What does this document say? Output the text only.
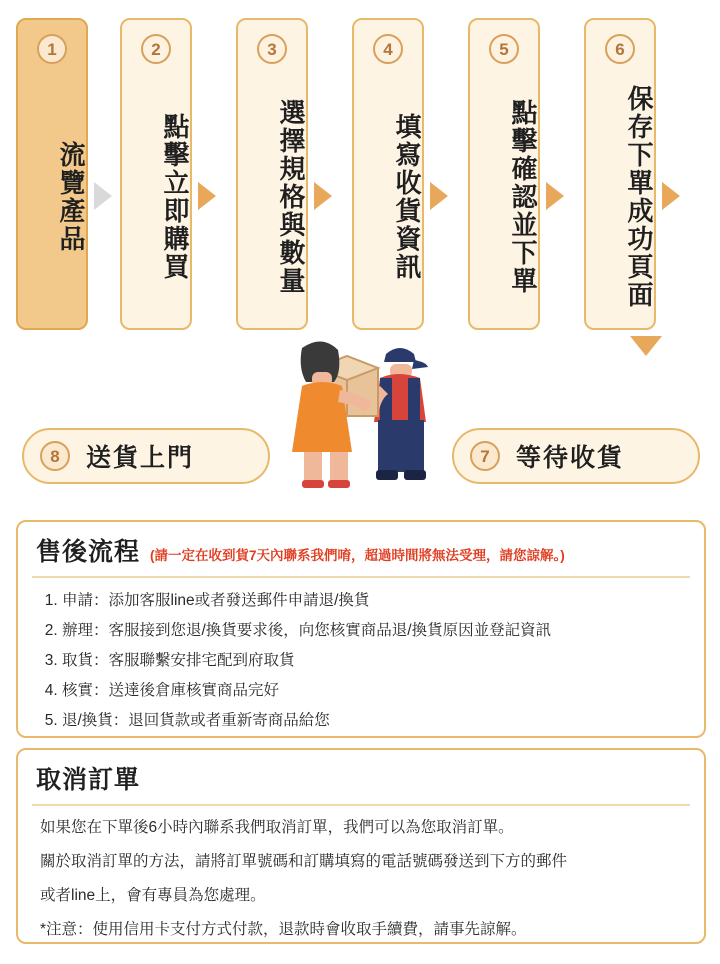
1
流覽產品
2
點擊立即購買
3
選擇規格與數量
4
填寫收貨資訊
5
點擊確認並下單
6
保存下單成功頁面
8	送貨上門	7	等待收貨
售後流程 (請一定在收到貨7天內聯系我們唷，超過時間將無法受理，請您諒解。)
1. 申請：添加客服line或者發送郵件申請退/換貨
2. 辦理：客服接到您退/換貨要求後，向您核實商品退/換貨原因並登記資訊
3. 取貨：客服聯繫安排宅配到府取貨
4. 核實：送達後倉庫核實商品完好
5. 退/換貨：退回貨款或者重新寄商品給您
取消訂單

如果您在下單後6小時內聯系我們取消訂單，我們可以為您取消訂單。

關於取消訂單的方法，請將訂單號碼和訂購填寫的電話號碼發送到下方的郵件

或者line上，會有專員為您處理。

*注意：使用信用卡支付方式付款，退款時會收取手續費，請事先諒解。
